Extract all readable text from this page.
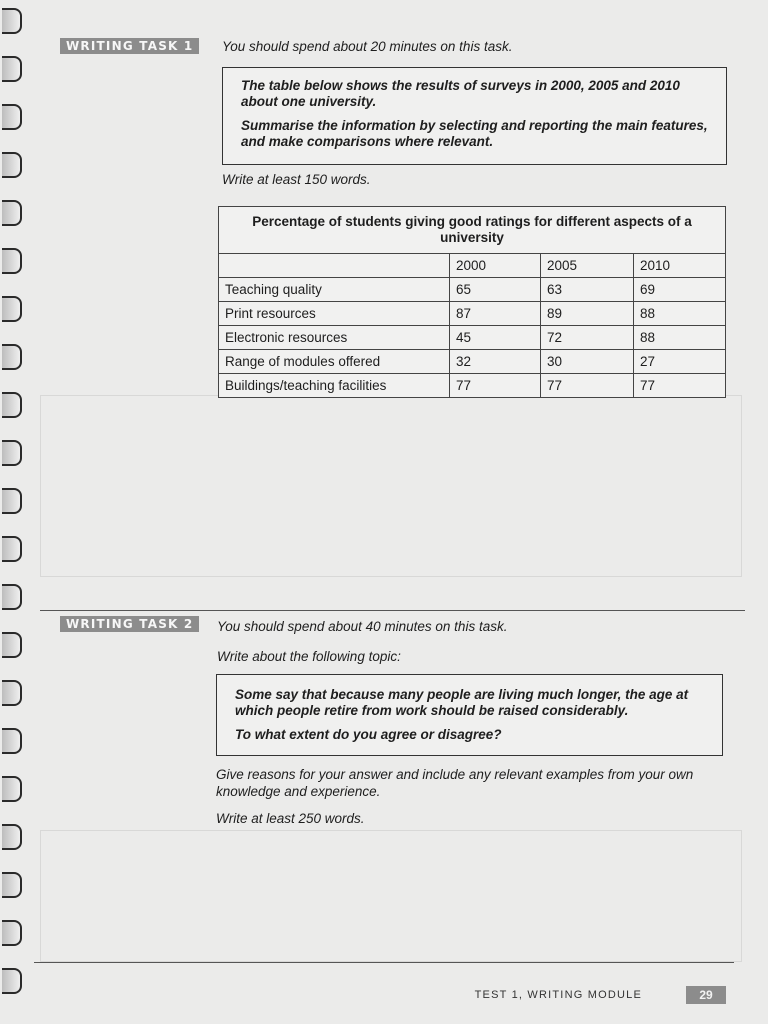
WRITING TASK 1	You should spend about 20 minutes on this task.

The table below shows the results of surveys in 2000, 2005 and 2010 about one university.

Summarise the information by selecting and reporting the main features, and make comparisons where relevant.

Write at least 150 words.
Percentage of students giving good ratings for different aspects of a university			
	2000	2005	2010
Teaching quality	65	63	69
Print resources	87	89	88
Electronic resources	45	72	88
Range of modules offered	32	30	27
Buildings/teaching facilities	77	77	77
WRITING TASK 2	You should spend about 40 minutes on this task.
Write about the following topic:

Some say that because many people are living much longer, the age at which people retire from work should be raised considerably.

To what extent do you agree or disagree?

Give reasons for your answer and include any relevant examples from your own knowledge and experience.
Write at least 250 words.
TEST 1, WRITING MODULE	29
